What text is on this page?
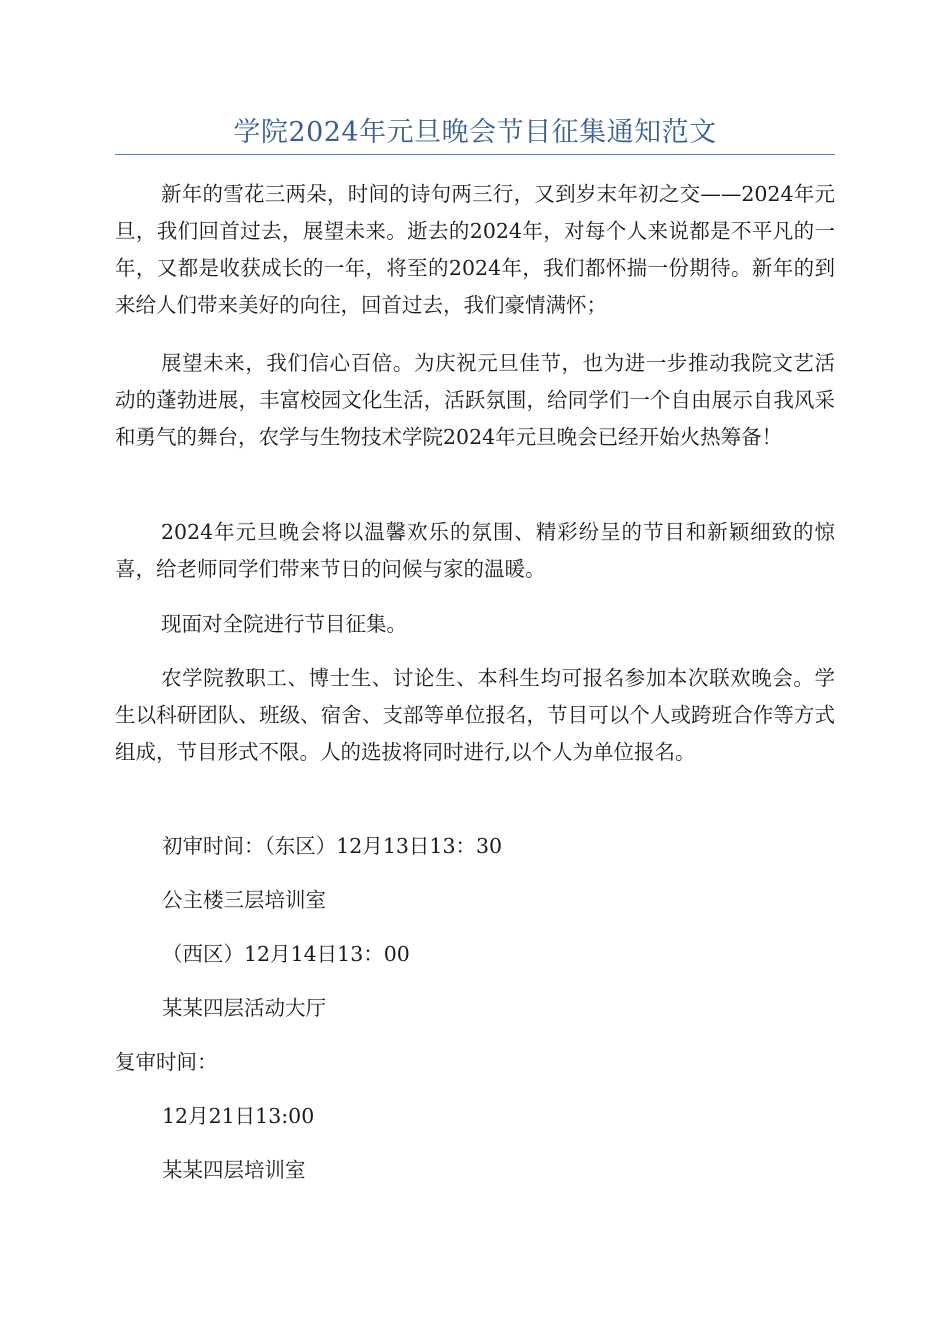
学院2024年元旦晚会节目征集通知范文

新年的雪花三两朵，时间的诗句两三行，又到岁末年初之交——2024年元旦，我们回首过去，展望未来。逝去的2024年，对每个人来说都是不平凡的一年，又都是收获成长的一年，将至的2024年，我们都怀揣一份期待。新年的到来给人们带来美好的向往，回首过去，我们豪情满怀；

展望未来，我们信心百倍。为庆祝元旦佳节，也为进一步推动我院文艺活动的蓬勃进展，丰富校园文化生活，活跃氛围，给同学们一个自由展示自我风采和勇气的舞台，农学与生物技术学院2024年元旦晚会已经开始火热筹备！

2024年元旦晚会将以温馨欢乐的氛围、精彩纷呈的节目和新颖细致的惊喜，给老师同学们带来节日的问候与家的温暖。

现面对全院进行节目征集。

农学院教职工、博士生、讨论生、本科生均可报名参加本次联欢晚会。学生以科研团队、班级、宿舍、支部等单位报名，节目可以个人或跨班合作等方式组成，节目形式不限。人的选拔将同时进行,以个人为单位报名。

初审时间：（东区）12月13日13：30
公主楼三层培训室
（西区）12月14日13：00
某某四层活动大厅
复审时间：
12月21日13:00
某某四层培训室
